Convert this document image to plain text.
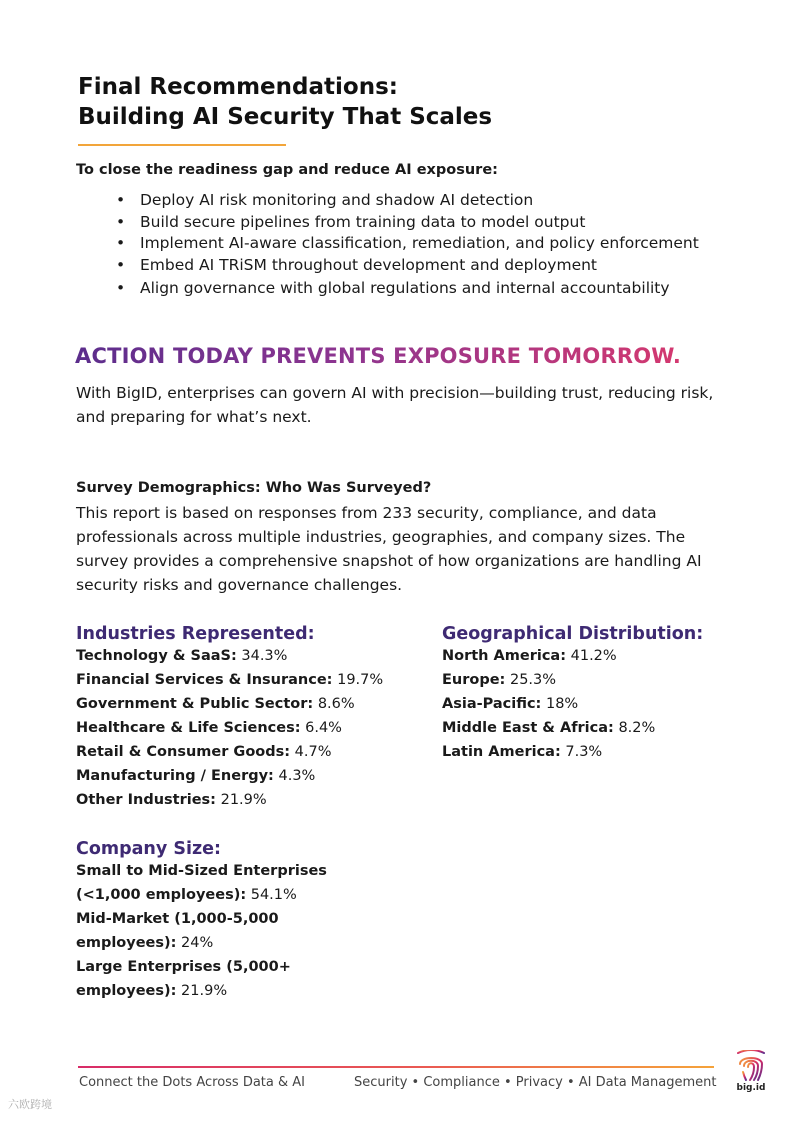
Final Recommendations:
Building AI Security That Scales
To close the readiness gap and reduce AI exposure:
• Deploy AI risk monitoring and shadow AI detection
• Build secure pipelines from training data to model output
• Implement AI-aware classification, remediation, and policy enforcement
• Embed AI TRiSM throughout development and deployment
• Align governance with global regulations and internal accountability
ACTION TODAY PREVENTS EXPOSURE TOMORROW.
With BigID, enterprises can govern AI with precision—building trust, reducing risk, and preparing for what’s next.
Survey Demographics: Who Was Surveyed?
This report is based on responses from 233 security, compliance, and data professionals across multiple industries, geographies, and company sizes. The survey provides a comprehensive snapshot of how organizations are handling AI security risks and governance challenges.
Industries Represented:
Technology & SaaS: 34.3%
Financial Services & Insurance: 19.7%
Government & Public Sector: 8.6%
Healthcare & Life Sciences: 6.4%
Retail & Consumer Goods: 4.7%
Manufacturing / Energy: 4.3%
Other Industries: 21.9%
Geographical Distribution:
North America: 41.2%
Europe: 25.3%
Asia-Pacific: 18%
Middle East & Africa: 8.2%
Latin America: 7.3%
Company Size:
Small to Mid-Sized Enterprises (<1,000 employees): 54.1%
Mid-Market (1,000-5,000 employees): 24%
Large Enterprises (5,000+ employees): 21.9%
Connect the Dots Across Data & AI	Security • Compliance • Privacy • AI Data Management big.id
六欧跨境
